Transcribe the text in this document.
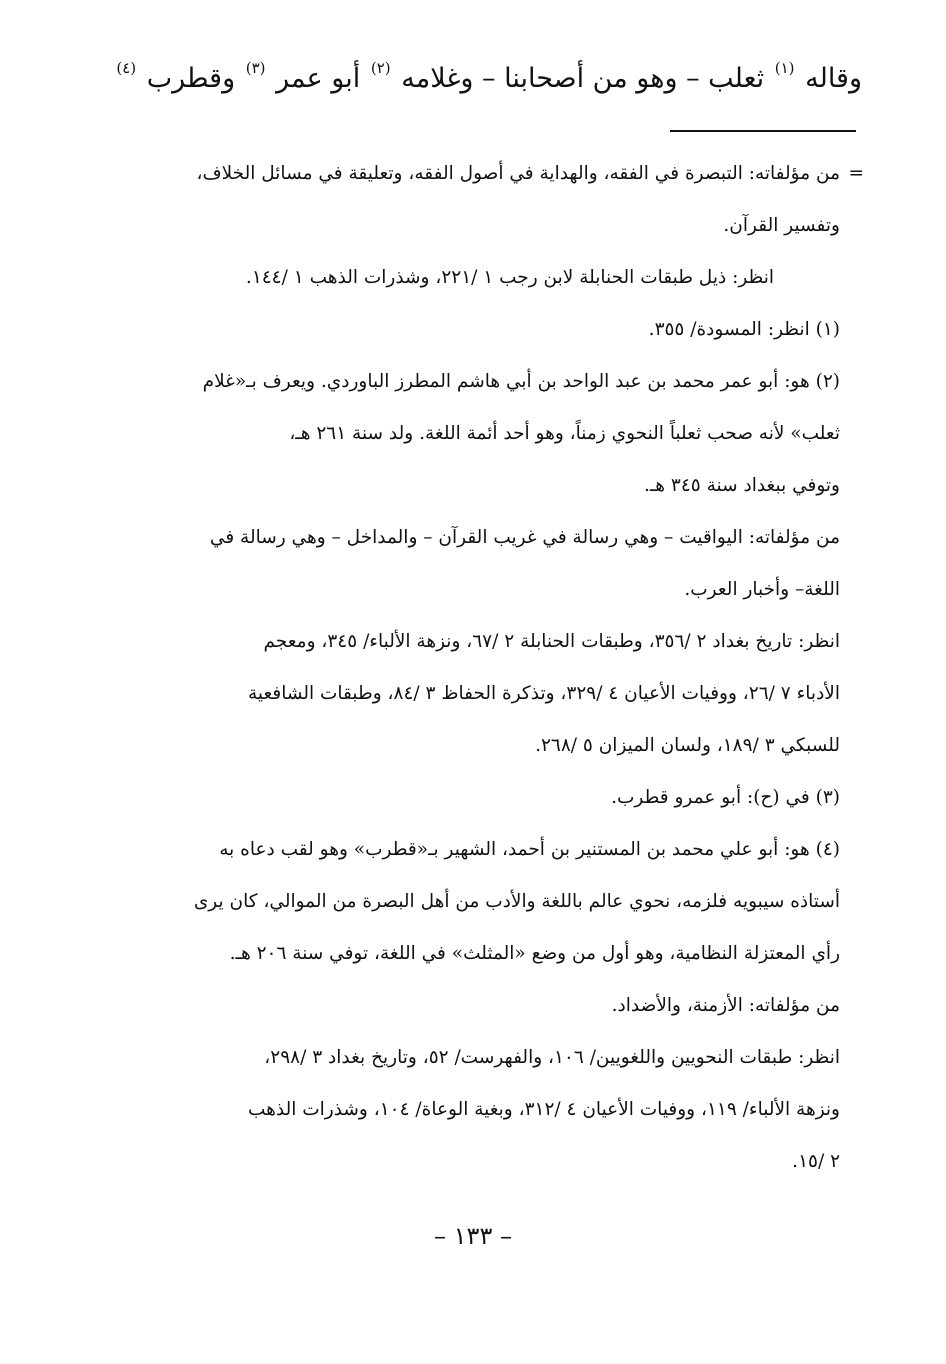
وقاله $^{(١)}$ ثعلب – وهو من أصحابنا – وغلامه $^{(٢)}$ أبو عمر $^{(٣)}$ وقطرب $^{(٤)}$
=

من مؤلفاته: التبصرة في الفقه، والهداية في أصول الفقه، وتعليقة في مسائل الخلاف،

وتفسير القرآن.

انظر: ذيل طبقات الحنابلة لابن رجب ١ /٢٢١، وشذرات الذهب ١ /١٤٤.

(١) انظر: المسودة/ ٣٥٥.

(٢) هو: أبو عمر محمد بن عبد الواحد بن أبي هاشم المطرز الباوردي. ويعرف بـ«غلام

ثعلب» لأنه صحب ثعلباً النحوي زمناً، وهو أحد أئمة اللغة. ولد سنة ٢٦١ هـ،

وتوفي ببغداد سنة ٣٤٥ هـ.

من مؤلفاته: اليواقيت – وهي رسالة في غريب القرآن – والمداخل – وهي رسالة في

اللغة– وأخبار العرب.

انظر: تاريخ بغداد ٢ /٣٥٦، وطبقات الحنابلة ٢ /٦٧، ونزهة الألباء/ ٣٤٥، ومعجم

الأدباء ٧ /٢٦، ووفيات الأعيان ٤ /٣٢٩، وتذكرة الحفاظ ٣ /٨٤، وطبقات الشافعية

للسبكي ٣ /١٨٩، ولسان الميزان ٥ /٢٦٨.

(٣) في (ح): أبو عمرو قطرب.

(٤) هو: أبو علي محمد بن المستنير بن أحمد، الشهير بـ«قطرب» وهو لقب دعاه به

أستاذه سيبويه فلزمه، نحوي عالم باللغة والأدب من أهل البصرة من الموالي، كان يرى

رأي المعتزلة النظامية، وهو أول من وضع «المثلث» في اللغة، توفي سنة ٢٠٦ هـ.

من مؤلفاته: الأزمنة، والأضداد.

انظر: طبقات النحويين واللغويين/ ١٠٦، والفهرست/ ٥٢، وتاريخ بغداد ٣ /٢٩٨،

ونزهة الألباء/ ١١٩، ووفيات الأعيان ٤ /٣١٢، وبغية الوعاة/ ١٠٤، وشذرات الذهب

٢ /١٥.

– ١٣٣ –
